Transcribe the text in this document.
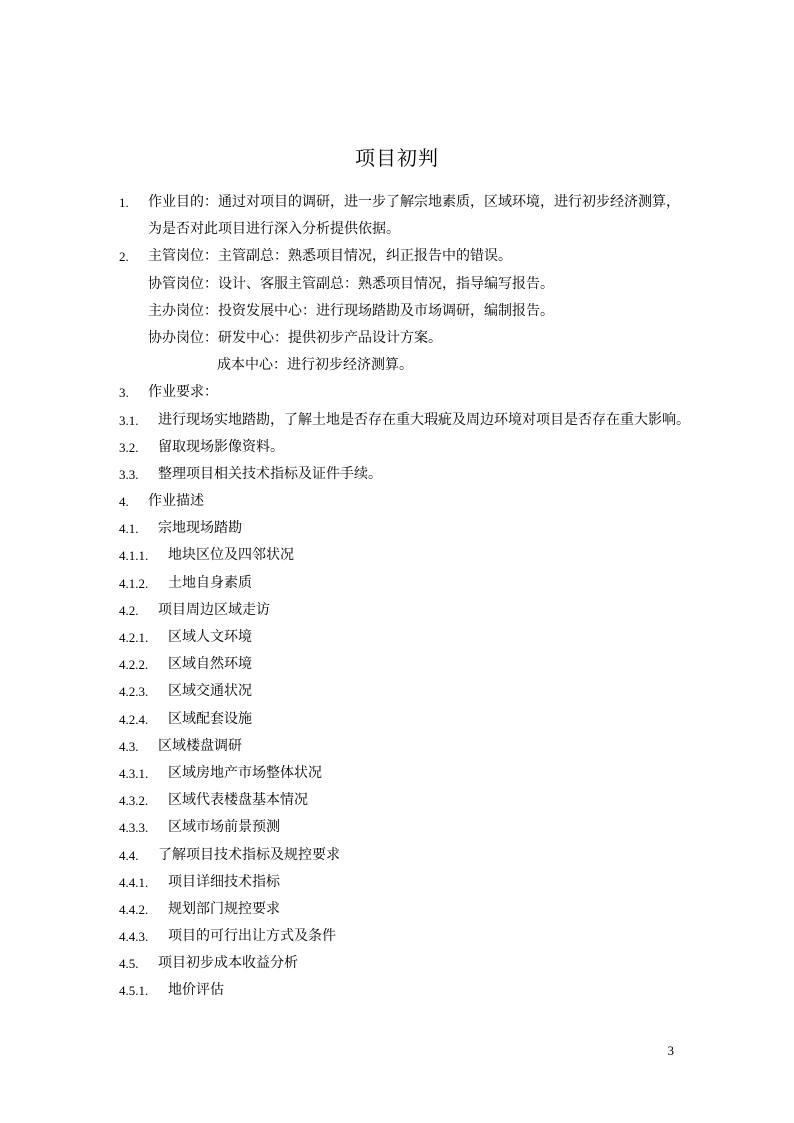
项目初判
1. 作业目的：通过对项目的调研，进一步了解宗地素质，区域环境，进行初步经济测算，
为是否对此项目进行深入分析提供依据。
2. 主管岗位：主管副总：熟悉项目情况，纠正报告中的错误。
协管岗位：设计、客服主管副总：熟悉项目情况，指导编写报告。
主办岗位：投资发展中心：进行现场踏勘及市场调研，编制报告。
协办岗位：研发中心：提供初步产品设计方案。
成本中心：进行初步经济测算。
3. 作业要求：
3.1. 进行现场实地踏勘，了解土地是否存在重大瑕疵及周边环境对项目是否存在重大影响。
3.2. 留取现场影像资料。
3.3. 整理项目相关技术指标及证件手续。
4. 作业描述
4.1. 宗地现场踏勘
4.1.1. 地块区位及四邻状况
4.1.2. 土地自身素质
4.2. 项目周边区域走访
4.2.1. 区域人文环境
4.2.2. 区域自然环境
4.2.3. 区域交通状况
4.2.4. 区域配套设施
4.3. 区域楼盘调研
4.3.1. 区域房地产市场整体状况
4.3.2. 区域代表楼盘基本情况
4.3.3. 区域市场前景预测
4.4. 了解项目技术指标及规控要求
4.4.1. 项目详细技术指标
4.4.2. 规划部门规控要求
4.4.3. 项目的可行出让方式及条件
4.5. 项目初步成本收益分析
4.5.1. 地价评估
3
